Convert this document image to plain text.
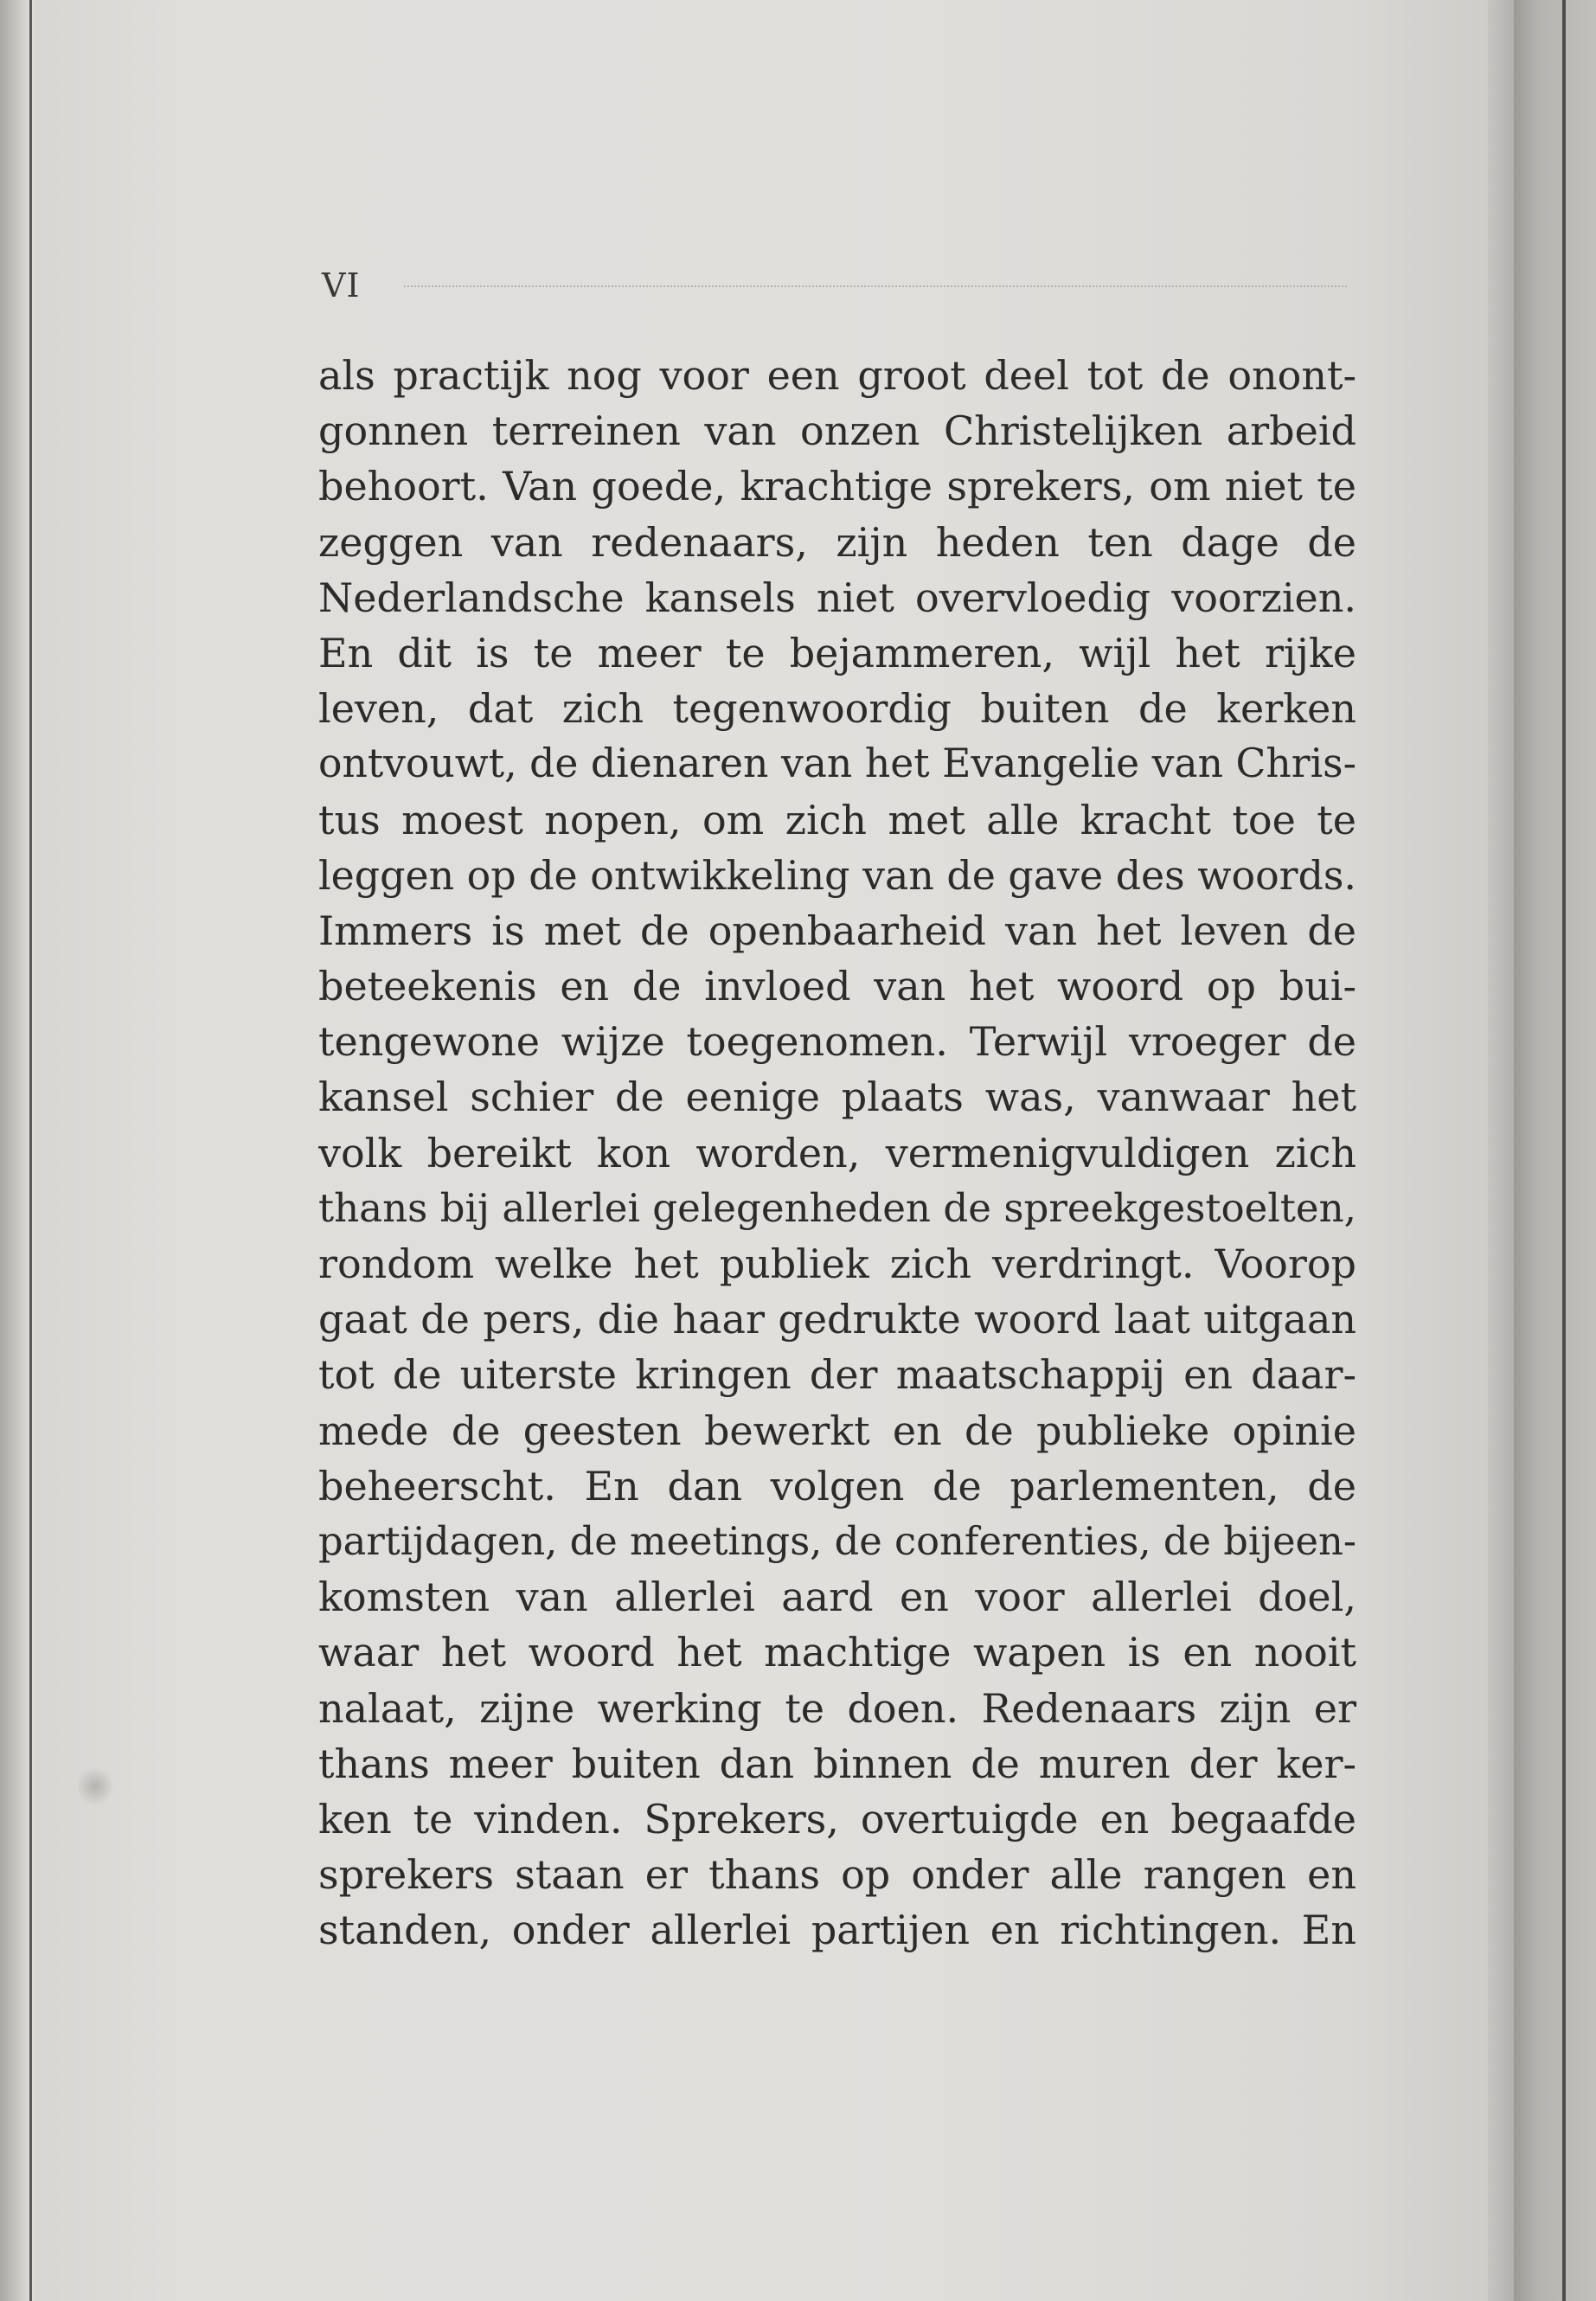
VI
als practijk nog voor een groot deel tot de onont-
gonnen terreinen van onzen Christelijken arbeid
behoort. Van goede, krachtige sprekers, om niet te
zeggen van redenaars, zijn heden ten dage de
Nederlandsche kansels niet overvloedig voorzien.
En dit is te meer te bejammeren, wijl het rijke
leven, dat zich tegenwoordig buiten de kerken
ontvouwt, de dienaren van het Evangelie van Chris-
tus moest nopen, om zich met alle kracht toe te
leggen op de ontwikkeling van de gave des woords.
Immers is met de openbaarheid van het leven de
beteekenis en de invloed van het woord op bui-
tengewone wijze toegenomen. Terwijl vroeger de
kansel schier de eenige plaats was, vanwaar het
volk bereikt kon worden, vermenigvuldigen zich
thans bij allerlei gelegenheden de spreekgestoelten,
rondom welke het publiek zich verdringt. Voorop
gaat de pers, die haar gedrukte woord laat uitgaan
tot de uiterste kringen der maatschappij en daar-
mede de geesten bewerkt en de publieke opinie
beheerscht. En dan volgen de parlementen, de
partijdagen, de meetings, de conferenties, de bijeen-
komsten van allerlei aard en voor allerlei doel,
waar het woord het machtige wapen is en nooit
nalaat, zijne werking te doen. Redenaars zijn er
thans meer buiten dan binnen de muren der ker-
ken te vinden. Sprekers, overtuigde en begaafde
sprekers staan er thans op onder alle rangen en
standen, onder allerlei partijen en richtingen. En
